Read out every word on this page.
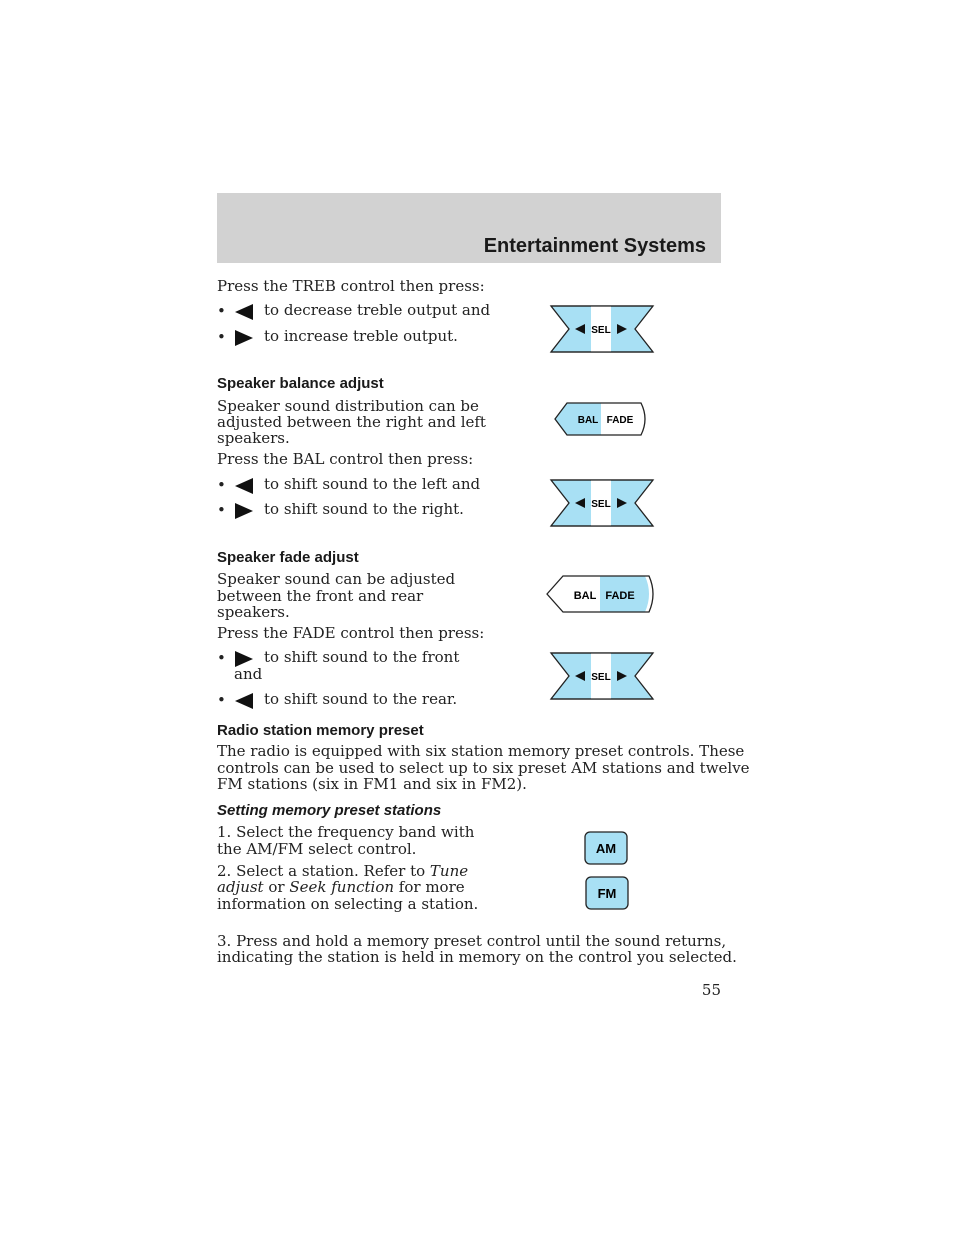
Entertainment Systems
Press the TREB control then press:
•	to decrease treble output and
•	to increase treble output.	SEL
Speaker balance adjust
Speaker sound distribution can be
adjusted between the right and left
speakers.
Press the BAL control then press:
•	to shift sound to the left and
•	to shift sound to the right.
BAL FADE
SEL
Speaker fade adjust
Speaker sound can be adjusted
between the front and rear
speakers.
Press the FADE control then press:
•	to shift sound to the front
and
•	to shift sound to the rear.
BAL FADE
SEL
Radio station memory preset
The radio is equipped with six station memory preset controls. These
controls can be used to select up to six preset AM stations and twelve
FM stations (six in FM1 and six in FM2).
Setting memory preset stations
1. Select the frequency band with
the AM/FM select control.
2. Select a station. Refer to Tune
adjust or Seek function for more
information on selecting a station.
AM
FM
3. Press and hold a memory preset control until the sound returns,
indicating the station is held in memory on the control you selected.
55
